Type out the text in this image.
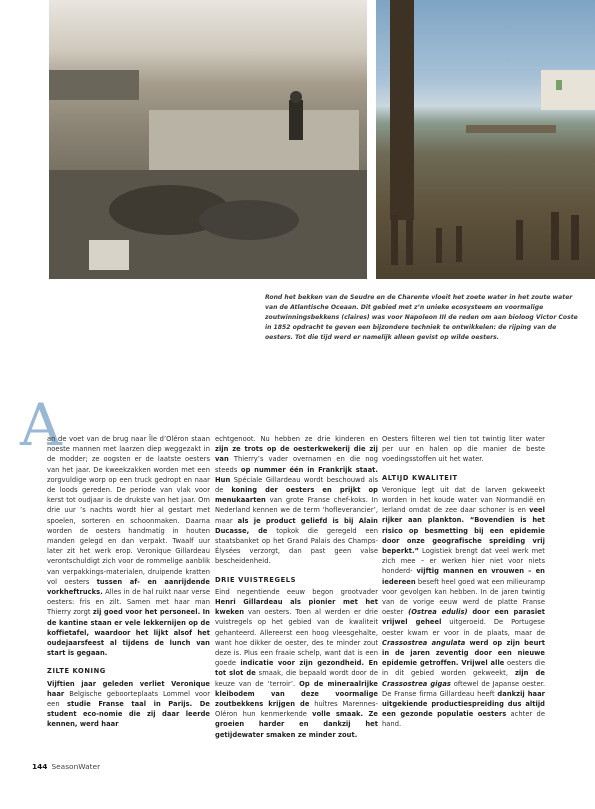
Rond het bekken van de Seudre en de Charente vloeit het zoete water in het zoute water van de Atlantische Oceaan. Dit gebied met z’n unieke ecosysteem en voormalige zoutwinningsbekkens (claires) was voor Napoleon III de reden om aan bioloog Victor Coste in 1852 opdracht te geven een bijzondere techniek te ontwikkelen: de rijping van de oesters. Tot die tijd werd er namelijk alleen gevist op wilde oesters.
A

an de voet van de brug naar Île d’Oléron staan noeste mannen met laarzen diep weggezakt in de modder; ze oogsten er de laatste oesters van het jaar. De kweekzakken worden met een zorgvuldige worp op een truck gedropt en naar de loods gereden. De periode van vlak voor kerst tot oudjaar is de drukste van het jaar. Om drie uur ’s nachts wordt hier al gestart met spoelen, sorteren en schoonmaken. Daarna worden de oesters handmatig in houten manden gelegd en dan verpakt. Twaalf uur later zit het werk erop. Veronique Gillardeau verontschuldigt zich voor de rommelige aanblik van verpakkings-materialen, druipende kratten vol oesters tussen af- en aanrijdende vorkheftrucks. Alles in de hal ruikt naar verse oesters: fris en zilt. Samen met haar man Thierry zorgt zij goed voor het personeel. In de kantine staan er vele lekkernijen op de koffietafel, waardoor het lijkt alsof het oudejaarsfeest al tijdens de lunch van start is gegaan.

ZILTE KONING

Vijftien jaar geleden verliet Veronique haar Belgische geboorteplaats Lommel voor een studie Franse taal in Parijs. De student eco-nomie die zij daar leerde kennen, werd haar

echtgenoot. Nu hebben ze drie kinderen en zijn ze trots op de oesterkwekerij die zij van Thierry’s vader overnamen en die nog steeds op nummer één in Frankrijk staat. Hun Spéciale Gillardeau wordt beschouwd als de koning der oesters en prijkt op menukaarten van grote Franse chef-koks. In Nederland kennen we de term ‘hofleverancier’, maar als je product geliefd is bij Alain Ducasse, de topkok die geregeld een staatsbanket op het Grand Palais des Champs-Élysées verzorgt, dan past geen valse bescheidenheid.

DRIE VUISTREGELS

Eind negentiende eeuw begon grootvader Henri Gillardeau als pionier met het kweken van oesters. Toen al werden er drie vuistregels op het gebied van de kwaliteit gehanteerd. Allereerst een hoog vleesgehalte, want hoe dikker de oester, des te minder zout deze is. Plus een fraaie schelp, want dat is een goede indicatie voor zijn gezondheid. En tot slot de smaak, die bepaald wordt door de keuze van de ‘terroir’. Op de mineraalrijke kleibodem van deze voormalige zoutbekkens krijgen de huîtres Marennes-Oléron hun kenmerkende volle smaak. Ze groeien harder en dankzij het getijdewater smaken ze minder zout.

Oesters filteren wel tien tot twintig liter water per uur en halen op die manier de beste voedingsstoffen uit het water.

ALTIJD KWALITEIT

Veronique legt uit dat de larven gekweekt worden in het koude water van Normandië en Ierland omdat de zee daar schoner is en veel rijker aan plankton. “Bovendien is het risico op besmetting bij een epidemie door onze geografische spreiding vrij beperkt.” Logistiek brengt dat veel werk met zich mee – er werken hier niet voor niets honderd- vijftig mannen en vrouwen – en iedereen beseft heel goed wat een milieuramp voor gevolgen kan hebben. In de jaren twintig van de vorige eeuw werd de platte Franse oester (Ostrea edulis) door een parasiet vrijwel geheel uitgeroeid. De Portugese oester kwam er voor in de plaats, maar de Crassostrea angulata werd op zijn beurt in de jaren zeventig door een nieuwe epidemie getroffen. Vrijwel alle oesters die in dit gebied worden gekweekt, zijn de Crassostrea gigas oftewel de Japanse oester. De Franse firma Gillardeau heeft dankzij haar uitgekiende productiespreiding dus altijd een gezonde populatie oesters achter de hand.

144 SeasonWater
